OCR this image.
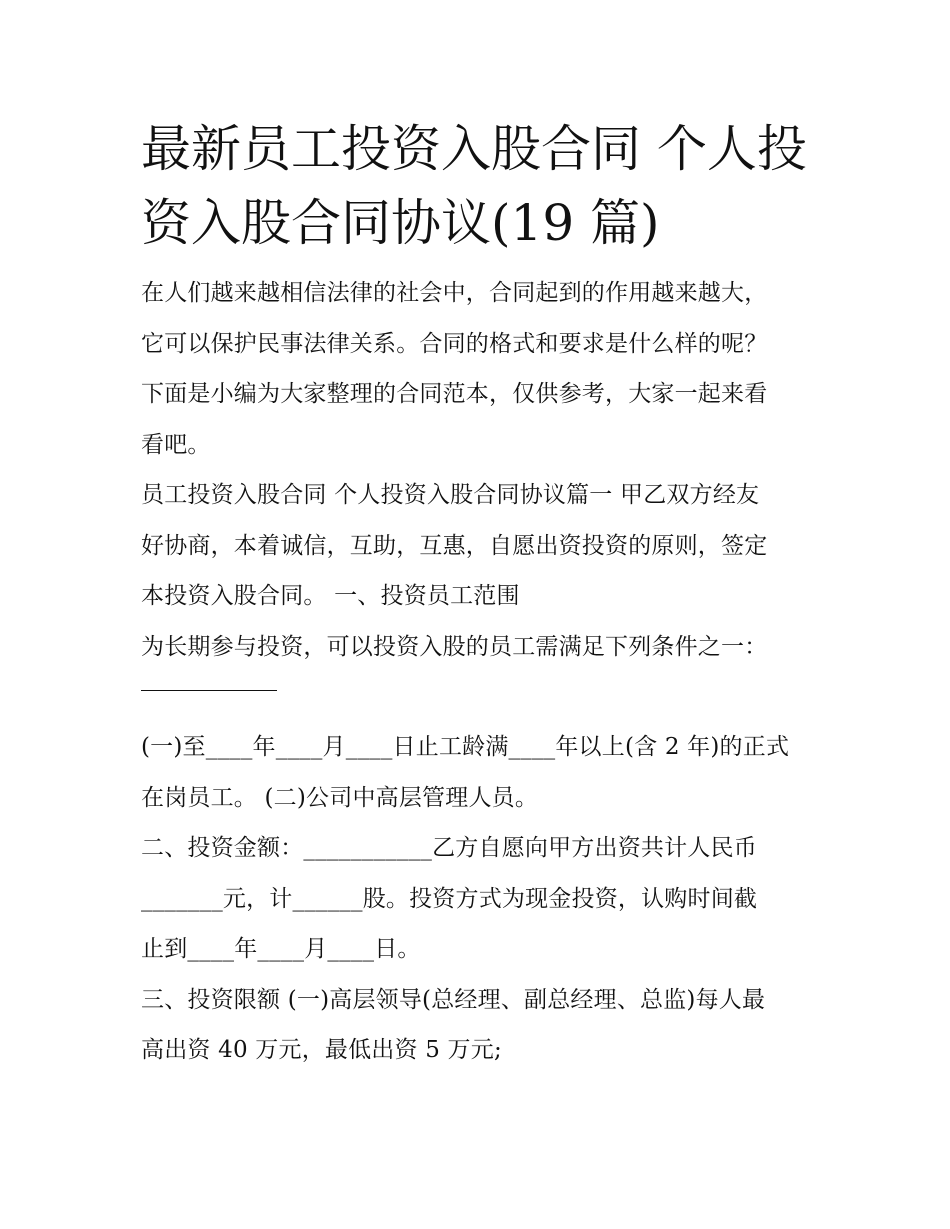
最新员工投资入股合同 个人投
资入股合同协议(19 篇)

在人们越来越相信法律的社会中，合同起到的作用越来越大，
它可以保护民事法律关系。合同的格式和要求是什么样的呢？
下面是小编为大家整理的合同范本，仅供参考，大家一起来看
看吧。

员工投资入股合同 个人投资入股合同协议篇一 甲乙双方经友
好协商，本着诚信，互助，互惠，自愿出资投资的原则，签定
本投资入股合同。 一、投资员工范围

为长期参与投资，可以投资入股的员工需满足下列条件之一：

(一)至____年____月____日止工龄满____年以上(含 2 年)的正式
在岗员工。 (二)公司中高层管理人员。

二、投资金额：___________乙方自愿向甲方出资共计人民币
_______元，计______股。投资方式为现金投资，认购时间截
止到____年____月____日。

三、投资限额 (一)高层领导(总经理、副总经理、总监)每人最
高出资 40 万元，最低出资 5 万元;
